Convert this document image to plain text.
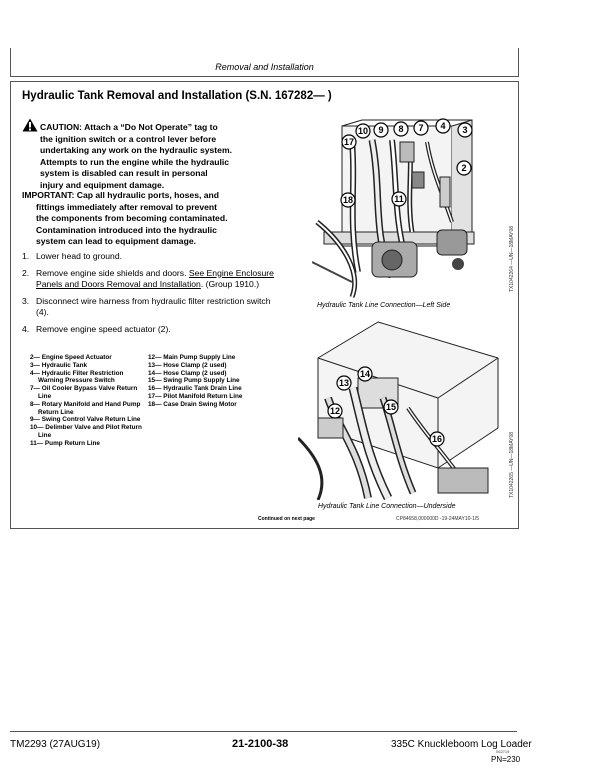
Removal and Installation
Hydraulic Tank Removal and Installation (S.N. 167282— )
CAUTION: Attach a “Do Not Operate” tag to
the ignition switch or a control lever before
undertaking any work on the hydraulic system.
Attempts to run the engine while the hydraulic
system is disabled can result in personal
injury and equipment damage.
IMPORTANT: Cap all hydraulic ports, hoses, and
fittings immediately after removal to prevent
the components from becoming contaminated.
Contamination introduced into the hydraulic
system can lead to equipment damage.
1. Lower head to ground.
2. Remove engine side shields and doors. See Engine Enclosure Panels and Doors Removal and Installation. (Group 1910.)
3. Disconnect wire harness from hydraulic filter restriction switch (4).
4. Remove engine speed actuator (2).
2— Engine Speed Actuator
3— Hydraulic Tank
4— Hydraulic Filter Restriction Warning Pressure Switch
7— Oil Cooler Bypass Valve Return Line
8— Rotary Manifold and Hand Pump Return Line
9— Swing Control Valve Return Line
10— Delimber Valve and Pilot Return Line
11— Pump Return Line
12— Main Pump Supply Line
13— Hose Clamp (2 used)
14— Hose Clamp (2 used)
15— Swing Pump Supply Line
16— Hydraulic Tank Drain Line
17— Pilot Manifold Return Line
18— Case Drain Swing Motor
10 9 8 7 4 3
17
2
18	11
Hydraulic Tank Line Connection—Left Side
TX1042264 —UN—18MAY08
13
14
12	15
16
Hydraulic Tank Line Connection—Underside
TX1042265 —UN—18MAY08
Continued on next page	CP84658,000000D -19-24MAY10-1/5
TM2293 (27AUG19)	21-2100-38	335C Knuckleboom Log Loader
062719
PN=230
